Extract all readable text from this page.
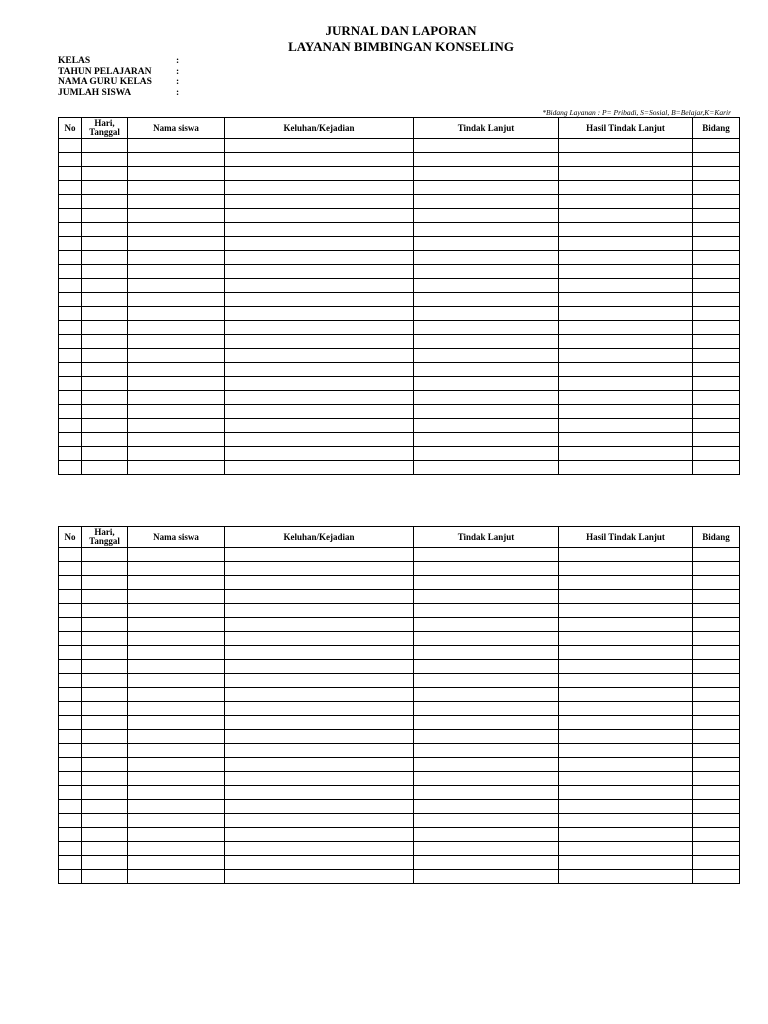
JURNAL DAN LAPORAN
LAYANAN BIMBINGAN KONSELING
KELAS	:
TAHUN PELAJARAN	:
NAMA GURU KELAS	:
JUMLAH SISWA	:
*Bidang Layanan : P= Pribadi, S=Sosial, B=Belajar,K=Karir
No	Hari, Tanggal	Nama siswa	Keluhan/Kejadian	Tindak Lanjut	Hasil Tindak Lanjut	Bidang

No	Hari, Tanggal	Nama siswa	Keluhan/Kejadian	Tindak Lanjut	Hasil Tindak Lanjut	Bidang
